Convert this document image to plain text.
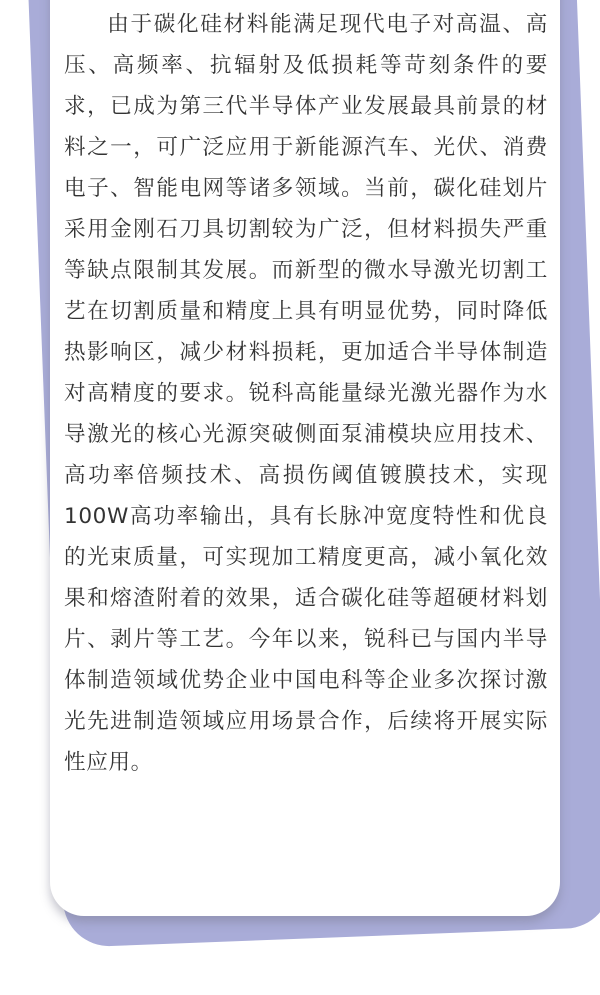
由于碳化硅材料能满足现代电子对高温、高压、高频率、抗辐射及低损耗等苛刻条件的要求，已成为第三代半导体产业发展最具前景的材料之一，可广泛应用于新能源汽车、光伏、消费电子、智能电网等诸多领域。当前，碳化硅划片采用金刚石刀具切割较为广泛，但材料损失严重等缺点限制其发展。而新型的微水导激光切割工艺在切割质量和精度上具有明显优势，同时降低热影响区，减少材料损耗，更加适合半导体制造对高精度的要求。锐科高能量绿光激光器作为水导激光的核心光源突破侧面泵浦模块应用技术、高功率倍频技术、高损伤阈值镀膜技术，实现100W高功率输出，具有长脉冲宽度特性和优良的光束质量，可实现加工精度更高，减小氧化效果和熔渣附着的效果，适合碳化硅等超硬材料划片、剥片等工艺。今年以来，锐科已与国内半导体制造领域优势企业中国电科等企业多次探讨激光先进制造领域应用场景合作，后续将开展实际性应用。
